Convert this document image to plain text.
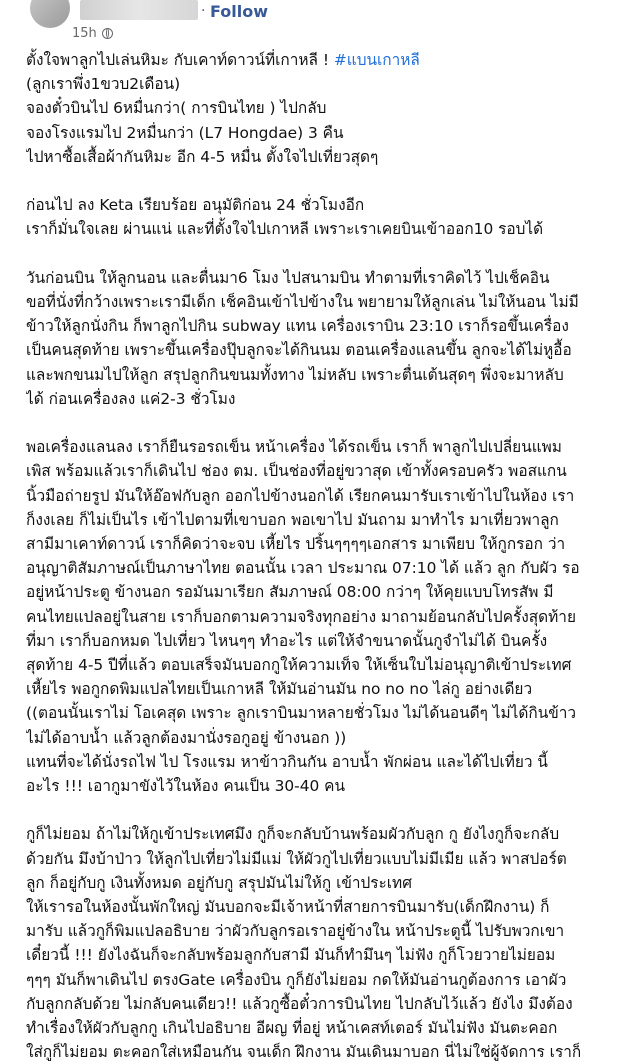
· Follow
15h
ตั้งใจพาลูกไปเล่นหิมะ กับเคาท์ดาวน์ที่เกาหลี ! #แบนเกาหลี
(ลูกเราพึ่ง1ขวบ2เดือน)
จองตั๋วบินไป 6หมื่นกว่า( การบินไทย ) ไปกลับ
จองโรงแรมไป 2หมื่นกว่า (L7 Hongdae) 3 คืน
ไปหาซื้อเสื้อผ้ากันหิมะ อีก 4-5 หมื่น ตั้งใจไปเที่ยวสุดๆ
ก่อนไป ลง Keta เรียบร้อย อนุมัติก่อน 24 ชั่วโมงอีก
เราก็มั่นใจเลย ผ่านแน่ และที่ตั้งใจไปเกาหลี เพราะเราเคยบินเข้าออก10 รอบได้
วันก่อนบิน ให้ลูกนอน และตื่นมา6 โมง ไปสนามบิน ทำตามที่เราคิดไว้ ไปเช็คอิน
ขอที่นั่งที่กว้างเพราะเรามีเด็ก เช็คอินเข้าไปข้างใน พยายามให้ลูกเล่น ไม่ให้นอน ไม่มี
ข้าวให้ลูกนั่งกิน ก็พาลูกไปกิน subway แทน เครื่องเราบิน 23:10 เราก็รอขึ้นเครื่อง
เป็นคนสุดท้าย เพราะขึ้นเครื่องปุ๊บลูกจะได้กินนม ตอนเครื่องแลนขึ้น ลูกจะได้ไม่หูอื้อ
และพกขนมไปให้ลูก สรุปลูกกินขนมทั้งทาง ไม่หลับ เพราะตื่นเต้นสุดๆ พึ่งจะมาหลับ
ได้ ก่อนเครื่องลง แค่2-3 ชั่วโมง
พอเครื่องแลนลง เราก็ยืนรอรถเข็น หน้าเครื่อง ได้รถเข็น เราก็ พาลูกไปเปลี่ยนแพม
เพิส พร้อมแล้วเราก็เดินไป ช่อง ตม. เป็นช่องที่อยู่ขวาสุด เข้าทั้งครอบครัว พอสแกน
นิ้วมือถ่ายรูป มันให้อ๊อฟกับลูก ออกไปข้างนอกได้ เรียกคนมารับเราเข้าไปในห้อง เรา
ก็งงเลย ก็ไม่เป็นไร เข้าไปตามที่เขาบอก พอเขาไป มันถาม มาทำไร มาเที่ยวพาลูก
สามีมาเคาท์ดาวน์ เราก็คิดว่าจะจบ เหี้ยไร ปริ้นๆๆๆๆเอกสาร มาเพียบ ให้กูกรอก ว่า
อนุญาติสัมภาษณ์เป็นภาษาไทย ตอนนั้น เวลา ประมาณ 07:10 ได้ แล้ว ลูก กับผัว รอ
อยู่หน้าประตู ข้างนอก รอมันมาเรียก สัมภาษณ์ 08:00 กว่าๆ ให้คุยแบบโทรสัพ มี
คนไทยแปลอยู่ในสาย เราก็บอกตามความจริงทุกอย่าง มาถามย้อนกลับไปครั้งสุดท้าย
ที่มา เราก็บอกหมด ไปเที่ยว ไหนๆๆ ทำอะไร แต่ให้จำขนาดนั้นกูจำไม่ได้ บินครั้ง
สุดท้าย 4-5 ปีที่แล้ว ตอบเสร็จมันบอกกูให้ความเท็จ ให้เซ็นใบไม่อนุญาติเข้าประเทศ
เหี้ยไร พอกูกดพิมแปลไทยเป็นเกาหลี ให้มันอ่านมัน no no no ไล่กู อย่างเดียว
((ตอนนั้นเราไม่ โอเคสุด เพราะ ลูกเราบินมาหลายชั่วโมง ไม่ได้นอนดีๆ ไม่ได้กินข้าว
ไม่ได้อาบน้ำ แล้วลูกต้องมานั่งรอกูอยู่ ข้างนอก ))
แทนที่จะได้นั่งรถไฟ ไป โรงแรม หาข้าวกินกัน อาบน้ำ พักผ่อน และได้ไปเที่ยว นี้
อะไร !!! เอากูมาขังไว้ในห้อง คนเป็น 30-40 คน
กูก็ไม่ยอม ถ้าไม่ให้กูเข้าประเทศมึง กูก็จะกลับบ้านพร้อมผัวกับลูก กู ยังไงกูก็จะกลับ
ด้วยกัน มึงบ้าป่าว ให้ลูกไปเที่ยวไม่มีแม่ ให้ผัวกูไปเที่ยวแบบไม่มีเมีย แล้ว พาสปอร์ต
ลูก ก็อยู่กับกู เงินทั้งหมด อยู่กับกู สรุปมันไม่ให้กู เข้าประเทศ
ให้เรารอในห้องนั้นพักใหญ่ มันบอกจะมีเจ้าหน้าที่สายการบินมารับ(เด็กฝึกงาน) ก็
มารับ แล้วกูก็พิมแปลอธิบาย ว่าผัวกับลูกรอเราอยู่ข้างใน หน้าประตูนี้ ไปรับพวกเขา
เดี๋ยวนี้ !!! ยังไงฉันก็จะกลับพร้อมลูกกับสามี มันก็ทำมึนๆ ไม่ฟัง กูก็โวยวายไม่ยอม
ๆๆๆ มันก็พาเดินไป ตรงGate เครื่องบิน กูก็ยังไม่ยอม กดให้มันอ่านกูต้องการ เอาผัว
กับลูกกลับด้วย ไม่กลับคนเดียว!! แล้วกูซื้อตั๋วการบินไทย ไปกลับไว้แล้ว ยังไง มึงต้อง
ทำเรื่องให้ผัวกับลูกกู เกินไปอธิบาย อีผญ ที่อยู่ หน้าเคสท์เตอร์ มันไม่ฟัง มันตะคอก
ใส่กูก็ไม่ยอม ตะคอกใส่เหมือนกัน จนเด็ก ฝึกงาน มันเดินมาบอก นี่ไม่ใช่ผู้จัดการ เราก็
